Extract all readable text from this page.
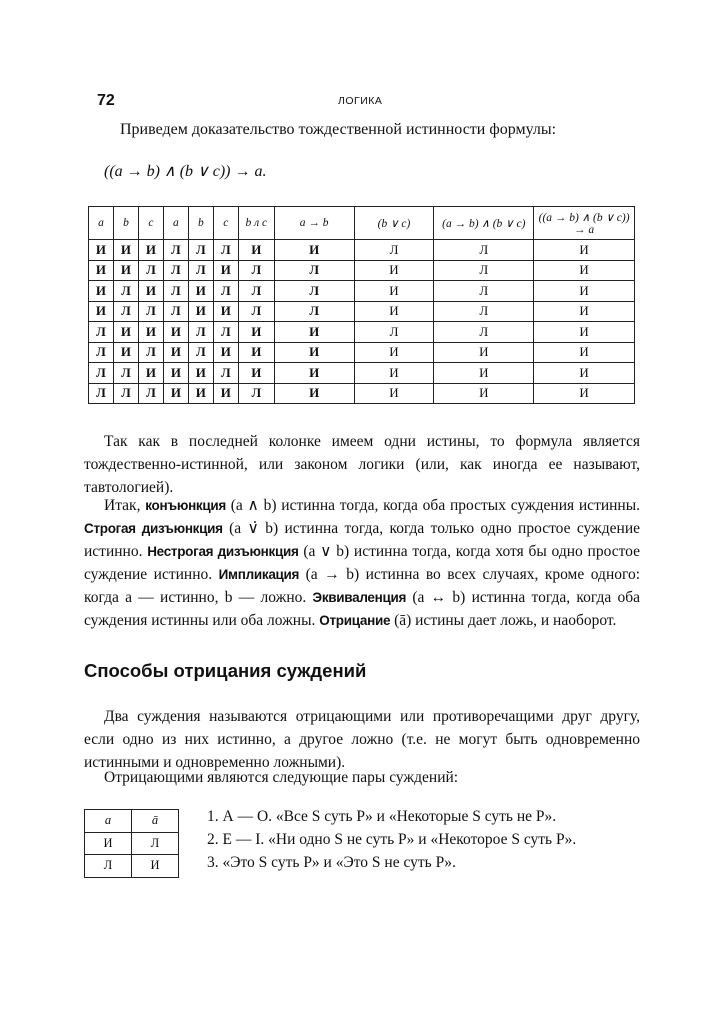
72	ЛОГИКА
Приведем доказательство тождественной истинности формулы:
((a → b) ∧ (b ∨ c)) → a.
a	b	c	a	b	c	b л c	a → b	(b ∨ c)	(a → b) ∧ (b ∨ c)	((a → b) ∧ (b ∨ c)) → a
И	И	И	Л	Л	Л	И	И	Л	Л	И
И	И	Л	Л	Л	И	Л	Л	И	Л	И
И	Л	И	Л	И	Л	Л	Л	И	Л	И
И	Л	Л	Л	И	И	Л	Л	И	Л	И
Л	И	И	И	Л	Л	И	И	Л	Л	И
Л	И	Л	И	Л	И	И	И	И	И	И
Л	Л	И	И	И	Л	И	И	И	И	И
Л	Л	Л	И	И	И	Л	И	И	И	И
Так как в последней колонке имеем одни истины, то формула является тождественно-истинной, или законом логики (или, как иногда ее называют, тавтологией).
Итак, конъюнкция (a ∧ b) истинна тогда, когда оба простых суждения истинны. Строгая дизъюнкция (a ∨̇ b) истинна тогда, когда только одно простое суждение истинно. Нестрогая дизъюнкция (a ∨ b) истинна тогда, когда хотя бы одно простое суждение истинно. Импликация (a → b) истинна во всех случаях, кроме одного: когда a — истинно, b — ложно. Эквиваленция (a ↔ b) истинна тогда, когда оба суждения истинны или оба ложны. Отрицание (ā) истины дает ложь, и наоборот.
Способы отрицания суждений
Два суждения называются отрицающими или противоречащими друг другу, если одно из них истинно, а другое ложно (т.е. не могут быть одновременно истинными и одновременно ложными).
Отрицающими являются следующие пары суждений:
a	ā
И	Л
Л	И
1. А — О. «Все S суть P» и «Некоторые S суть не P».
2. Е — I. «Ни одно S не суть P» и «Некоторое S суть P».
3. «Это S суть P» и «Это S не суть P».
